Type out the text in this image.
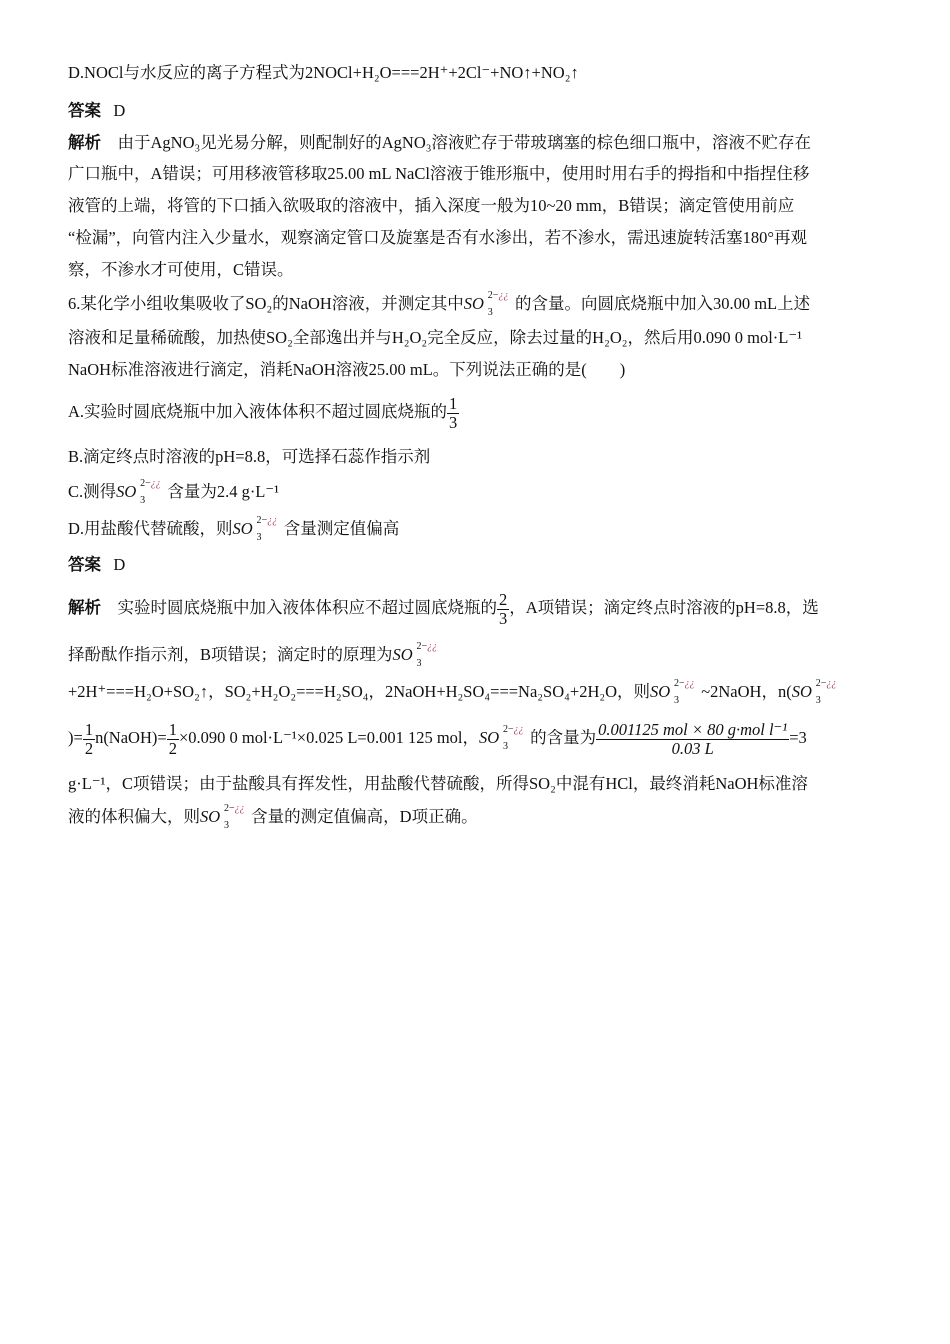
D.NOCl与水反应的离子方程式为2NOCl+H₂O===2H⁺+2Cl⁻+NO↑+NO₂↑
答案 D
解析 由于AgNO₃见光易分解，则配制好的AgNO₃溶液贮存于带玻璃塞的棕色细口瓶中，溶液不贮存在
广口瓶中，A错误；可用移液管移取25.00 mL NaCl溶液于锥形瓶中，使用时用右手的拇指和中指捏住移
液管的上端，将管的下口插入欲吸取的溶液中，插入深度一般为10~20 mm，B错误；滴定管使用前应
“检漏”，向管内注入少量水，观察滴定管口及旋塞是否有水渗出，若不渗水，需迅速旋转活塞180°再观
察，不渗水才可使用，C错误。
6.某化学小组收集吸收了SO₂的NaOH溶液，并测定其中SO 2−¿¿
3 的含量。向圆底烧瓶中加入30.00 mL上述
溶液和足量稀硫酸，加热使SO₂全部逸出并与H₂O₂完全反应，除去过量的H₂O₂，然后用0.090 0 mol·L⁻¹
NaOH标准溶液进行滴定，消耗NaOH溶液25.00 mL。下列说法正确的是(　　)
A.实验时圆底烧瓶中加入液体体积不超过圆底烧瓶的 $\frac{1}{3}$
B.滴定终点时溶液的pH=8.8，可选择石蕊作指示剂
C.测得SO 2−¿¿
3 含量为2.4 g·L⁻¹
D.用盐酸代替硫酸，则SO 2−¿¿
3 含量测定值偏高
答案 D
解析 实验时圆底烧瓶中加入液体体积应不超过圆底烧瓶的 $\frac{2}{3}$ ，A项错误；滴定终点时溶液的pH=8.8，选
择酚酞作指示剂，B项错误；滴定时的原理为SO 2−¿¿
3
+2H⁺===H₂O+SO₂↑，SO₂+H₂O₂===H₂SO₄，2NaOH+H₂SO₄===Na₂SO₄+2H₂O，则SO 2−¿¿
3 ~2NaOH，n(SO 2−¿¿
3
)= $\frac{1}{2}$ n(NaOH)= $\frac{1}{2} \times 0.090$ 0 mol·L⁻¹×0.025 L=0.001 125 mol，SO 2−¿¿
3 的含量为 $\frac{\text{0.001125 mol × 80 g·mol l⁻¹}}{0.03 L} =3$
g·L⁻¹，C项错误；由于盐酸具有挥发性，用盐酸代替硫酸，所得SO₂中混有HCl，最终消耗NaOH标准溶
液的体积偏大，则SO 2−¿¿
3 含量的测定值偏高，D项正确。
